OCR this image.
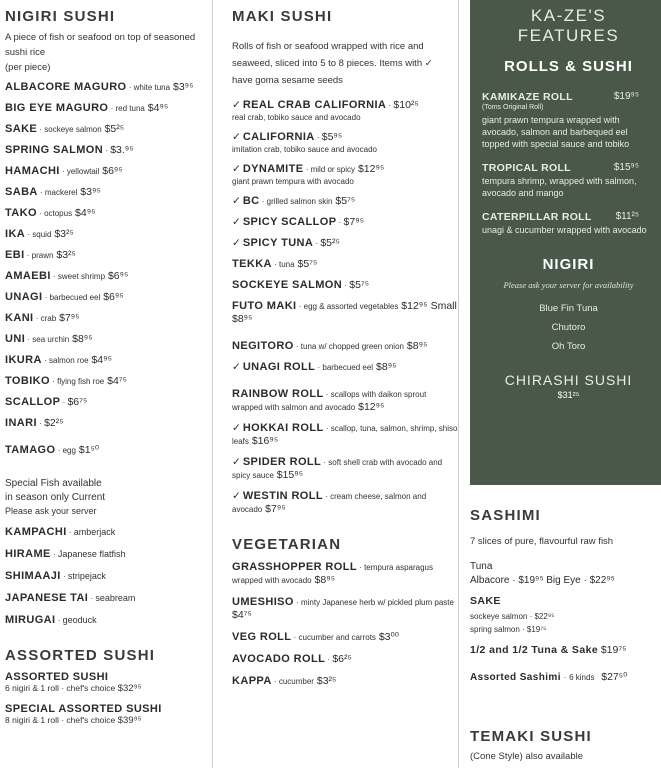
NIGIRI SUSHI
A piece of fish or seafood on top of seasoned sushi rice
(per piece)
ALBACORE MAGURO · white tuna $3⁹⁵
BIG EYE MAGURO · red tuna $4⁹⁵
SAKE · sockeye salmon $5²⁵
SPRING SALMON · $3.⁹⁵
HAMACHI · yellowtail $6⁹⁵
SABA · mackerel $3⁹⁵
TAKO · octopus $4⁹⁵
IKA · squid $3²⁵
EBI · prawn $3²⁵
AMAEBI · sweet shrimp $6⁹⁵
UNAGI · barbecued eel $6⁹⁵
KANI · crab $7⁹⁵
UNI · sea urchin $8⁹⁵
IKURA · salmon roe $4⁹⁵
TOBIKO · flying fish roe $4⁷⁵
SCALLOP · $6⁷⁵
INARI · $2²⁵
TAMAGO · egg $1⁵⁰
Special Fish available
in season only Current
Please ask your server
KAMPACHI · amberjack
HIRAME · Japanese flatfish
SHIMAAJI · stripejack
JAPANESE TAI · seabream
MIRUGAI · geoduck
ASSORTED SUSHI
ASSORTED SUSHI
6 nigiri & 1 roll · chef's choice $32⁹⁵
SPECIAL ASSORTED SUSHI
8 nigiri & 1 roll · chef's choice $39⁹⁵
MAKI SUSHI
Rolls of fish or seafood wrapped with rice and seaweed, sliced into 5 to 8 pieces. Items with ✓ have goma sesame seeds
✓ REAL CRAB CALIFORNIA · $10²⁵
real crab, tobiko sauce and avocado
✓ CALIFORNIA · $5⁹⁵
imitation crab, tobiko sauce and avocado
✓ DYNAMITE · mild or spicy $12⁹⁵
giant prawn tempura with avocado
✓ BC · grilled salmon skin $5⁷⁵
✓ SPICY SCALLOP · $7⁹⁵
✓ SPICY TUNA · $5²⁵
TEKKA · tuna $5⁷⁵
SOCKEYE SALMON · $5⁷⁵
FUTO MAKI · egg & assorted vegetables $12⁹⁵ Small $8⁹⁵
NEGITORO · tuna w/ chopped green onion $8⁹⁵
✓ UNAGI ROLL · barbecued eel $8⁹⁵
RAINBOW ROLL · scallops with daikon sprout wrapped with salmon and avocado $12⁹⁵
✓ HOKKAI ROLL · scallop, tuna, salmon, shrimp, shiso leafs $16⁹⁵
✓ SPIDER ROLL · soft shell crab with avocado and spicy sauce $15⁹⁵
✓ WESTIN ROLL · cream cheese, salmon and avocado $7⁹⁵
VEGETARIAN
GRASSHOPPER ROLL · tempura asparagus wrapped with avocado $8⁹⁵
UMESHISO · minty Japanese herb w/ pickled plum paste $4⁷⁵
VEG ROLL · cucumber and carrots $3⁰⁰
AVOCADO ROLL · $6²⁵
KAPPA · cucumber $3²⁵
KA-ZE'S
FEATURES
ROLLS & SUSHI
KAMIKAZE ROLL	$19⁹⁵
(Toms Original Roll)
giant prawn tempura wrapped with avocado, salmon and barbequed eel topped with special sauce and tobiko
TROPICAL ROLL	$15⁹⁵
tempura shrimp, wrapped with salmon, avocado and mango
CATERPILLAR ROLL $11²⁵
unagi & cucumber wrapped with avocado
NIGIRI
Please ask your server for availability
Blue Fin Tuna
Chutoro
Oh Toro
CHIRASHI SUSHI
$31²⁵
SASHIMI
7 slices of pure, flavourful raw fish
Tuna
Albacore · $19⁹⁵ Big Eye · $22⁹⁵
SAKE
sockeye salmon · $22⁹⁵
spring salmon · $19⁷⁵
1/2 and 1/2 Tuna & Sake $19⁷⁵
Assorted Sashimi · 6 kinds $27⁵⁰
TEMAKI SUSHI
(Cone Style) also available
